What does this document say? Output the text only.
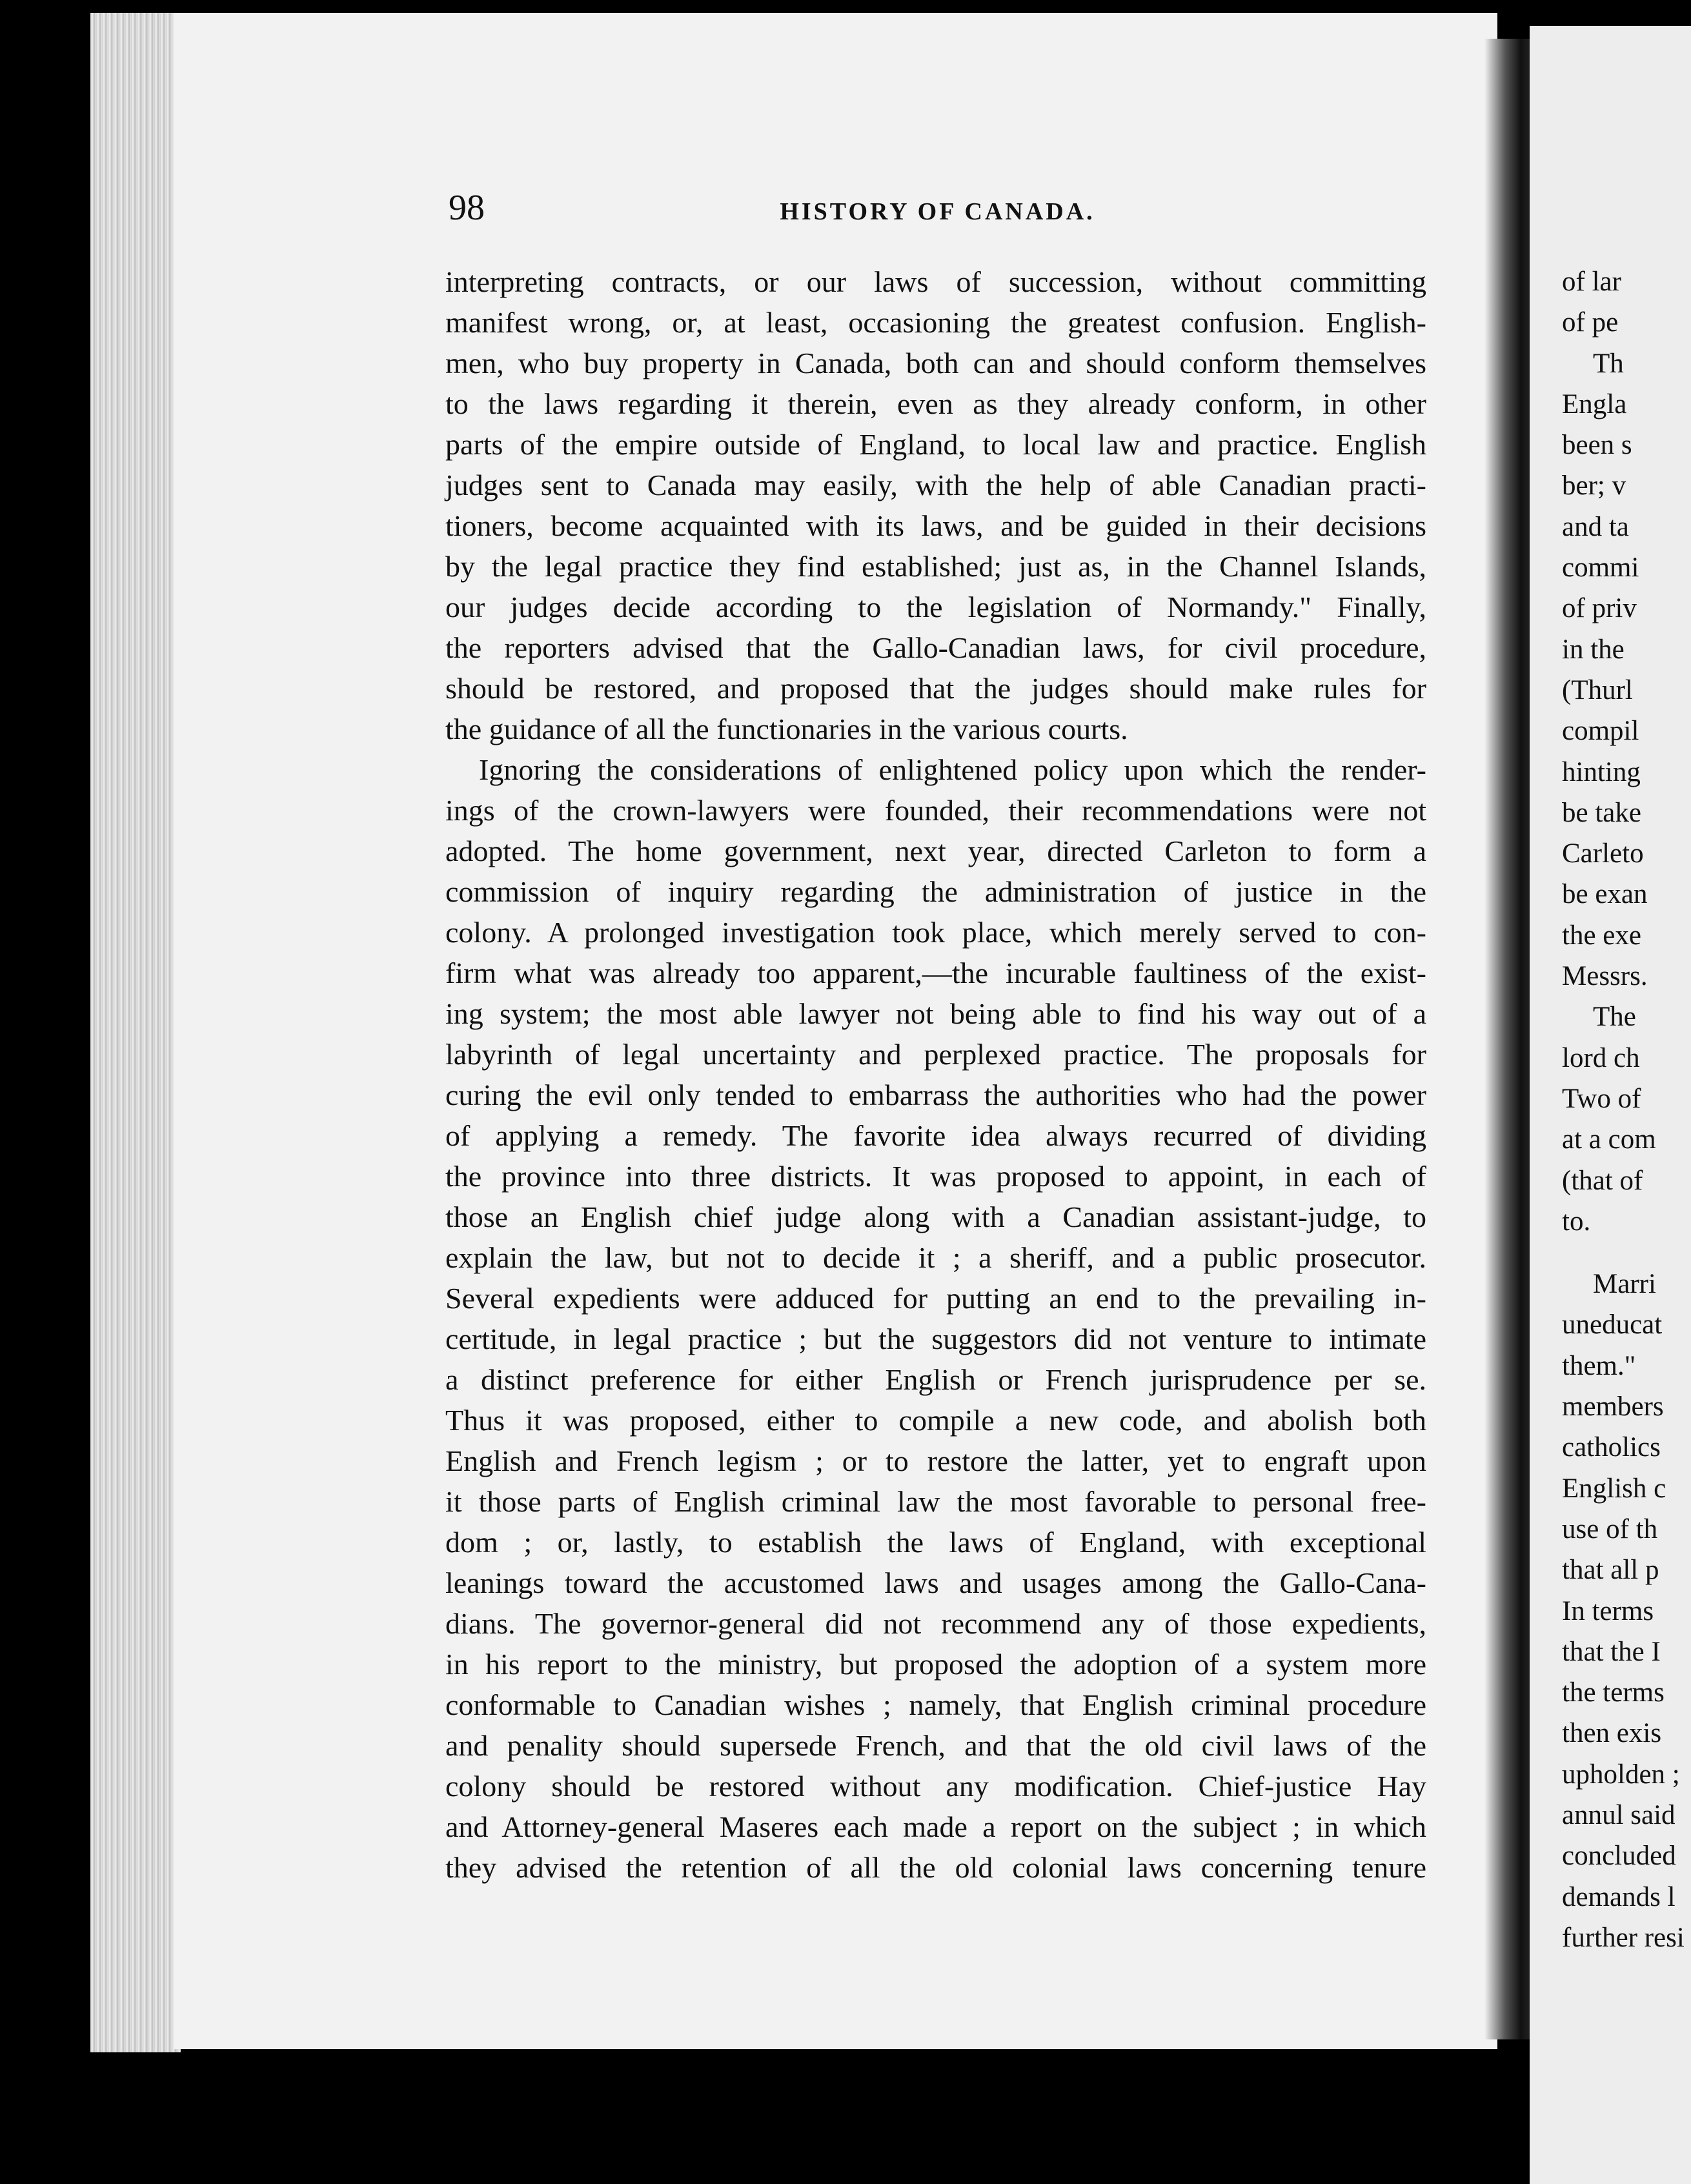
98	HISTORY OF CANADA.
interpreting contracts, or our laws of succession, without committing
manifest wrong, or, at least, occasioning the greatest confusion. English-
men, who buy property in Canada, both can and should conform themselves
to the laws regarding it therein, even as they already conform, in other
parts of the empire outside of England, to local law and practice. English
judges sent to Canada may easily, with the help of able Canadian practi-
tioners, become acquainted with its laws, and be guided in their decisions
by the legal practice they find established; just as, in the Channel Islands,
our judges decide according to the legislation of Normandy." Finally,
the reporters advised that the Gallo-Canadian laws, for civil procedure,
should be restored, and proposed that the judges should make rules for
the guidance of all the functionaries in the various courts.
Ignoring the considerations of enlightened policy upon which the render-
ings of the crown-lawyers were founded, their recommendations were not
adopted. The home government, next year, directed Carleton to form a
commission of inquiry regarding the administration of justice in the
colony. A prolonged investigation took place, which merely served to con-
firm what was already too apparent,—the incurable faultiness of the exist-
ing system; the most able lawyer not being able to find his way out of a
labyrinth of legal uncertainty and perplexed practice. The proposals for
curing the evil only tended to embarrass the authorities who had the power
of applying a remedy. The favorite idea always recurred of dividing
the province into three districts. It was proposed to appoint, in each of
those an English chief judge along with a Canadian assistant-judge, to
explain the law, but not to decide it ; a sheriff, and a public prosecutor.
Several expedients were adduced for putting an end to the prevailing in-
certitude, in legal practice ; but the suggestors did not venture to intimate
a distinct preference for either English or French jurisprudence per se.
Thus it was proposed, either to compile a new code, and abolish both
English and French legism ; or to restore the latter, yet to engraft upon
it those parts of English criminal law the most favorable to personal free-
dom ; or, lastly, to establish the laws of England, with exceptional
leanings toward the accustomed laws and usages among the Gallo-Cana-
dians. The governor-general did not recommend any of those expedients,
in his report to the ministry, but proposed the adoption of a system more
conformable to Canadian wishes ; namely, that English criminal procedure
and penality should supersede French, and that the old civil laws of the
colony should be restored without any modification. Chief-justice Hay
and Attorney-general Maseres each made a report on the subject ; in which
they advised the retention of all the old colonial laws concerning tenure
of lar
of pe
Th
Engla
been s
ber; v
and ta
commi
of priv
in the
(Thurl
compil
hinting
be take
Carleto
be exan
the exe
Messrs.
The
lord ch
Two of
at a com
(that of
to.
Marri
uneducat
them."
members
catholics
English c
use of th
that all p
In terms
that the I
the terms
then exis
upholden ;
annul said
concluded
demands l
further resi
